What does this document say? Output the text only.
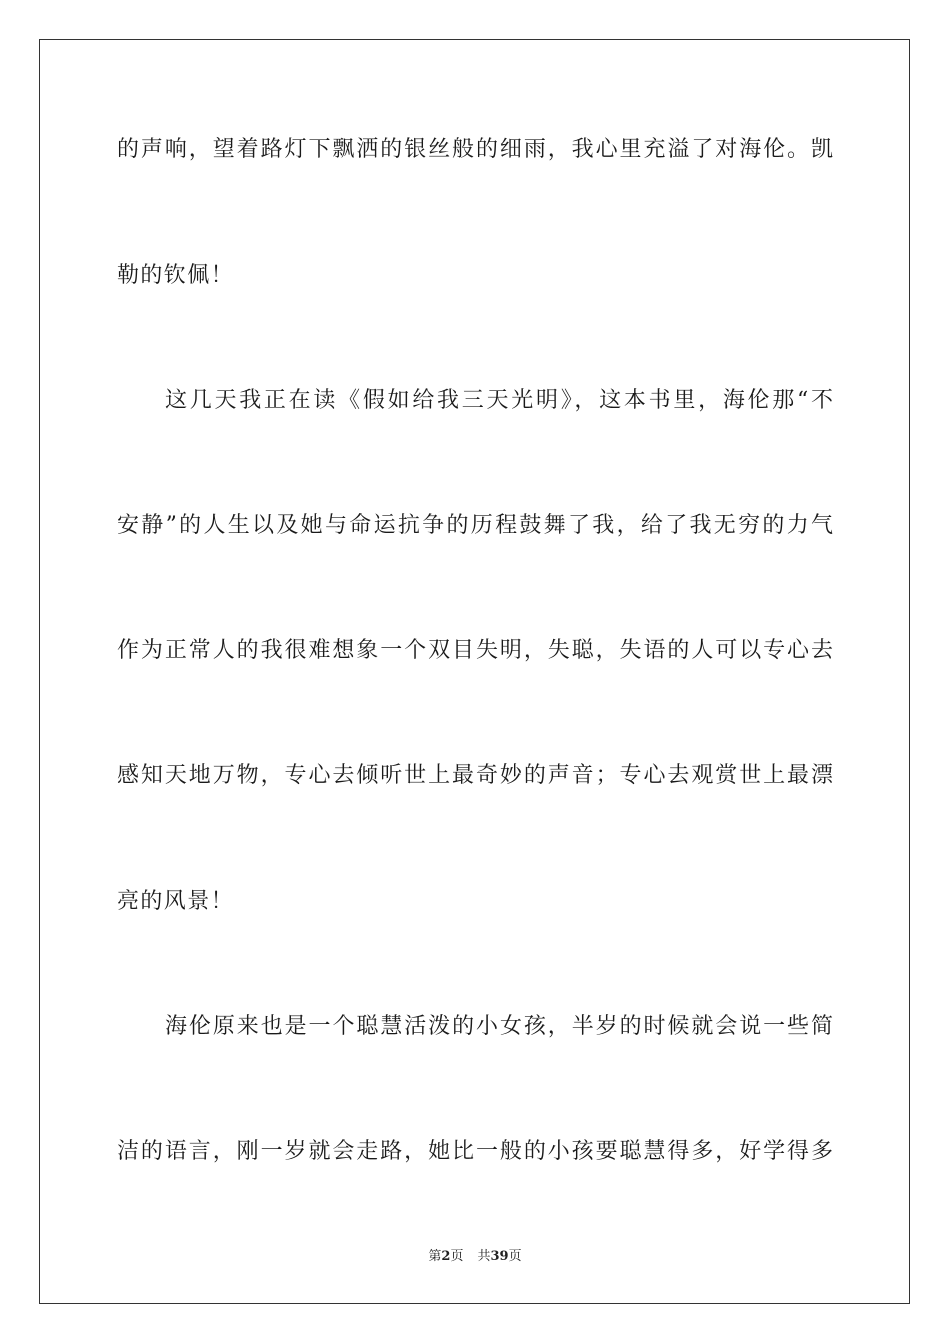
的声响，望着路灯下飘洒的银丝般的细雨，我心里充溢了对海伦。凯
勒的钦佩！
这几天我正在读《假如给我三天光明》，这本书里，海伦那“不
安静”的人生以及她与命运抗争的历程鼓舞了我，给了我无穷的力气
作为正常人的我很难想象一个双目失明，失聪，失语的人可以专心去
感知天地万物，专心去倾听世上最奇妙的声音；专心去观赏世上最漂
亮的风景！
海伦原来也是一个聪慧活泼的小女孩，半岁的时候就会说一些简
洁的语言，刚一岁就会走路，她比一般的小孩要聪慧得多，好学得多
第2页 共39页
